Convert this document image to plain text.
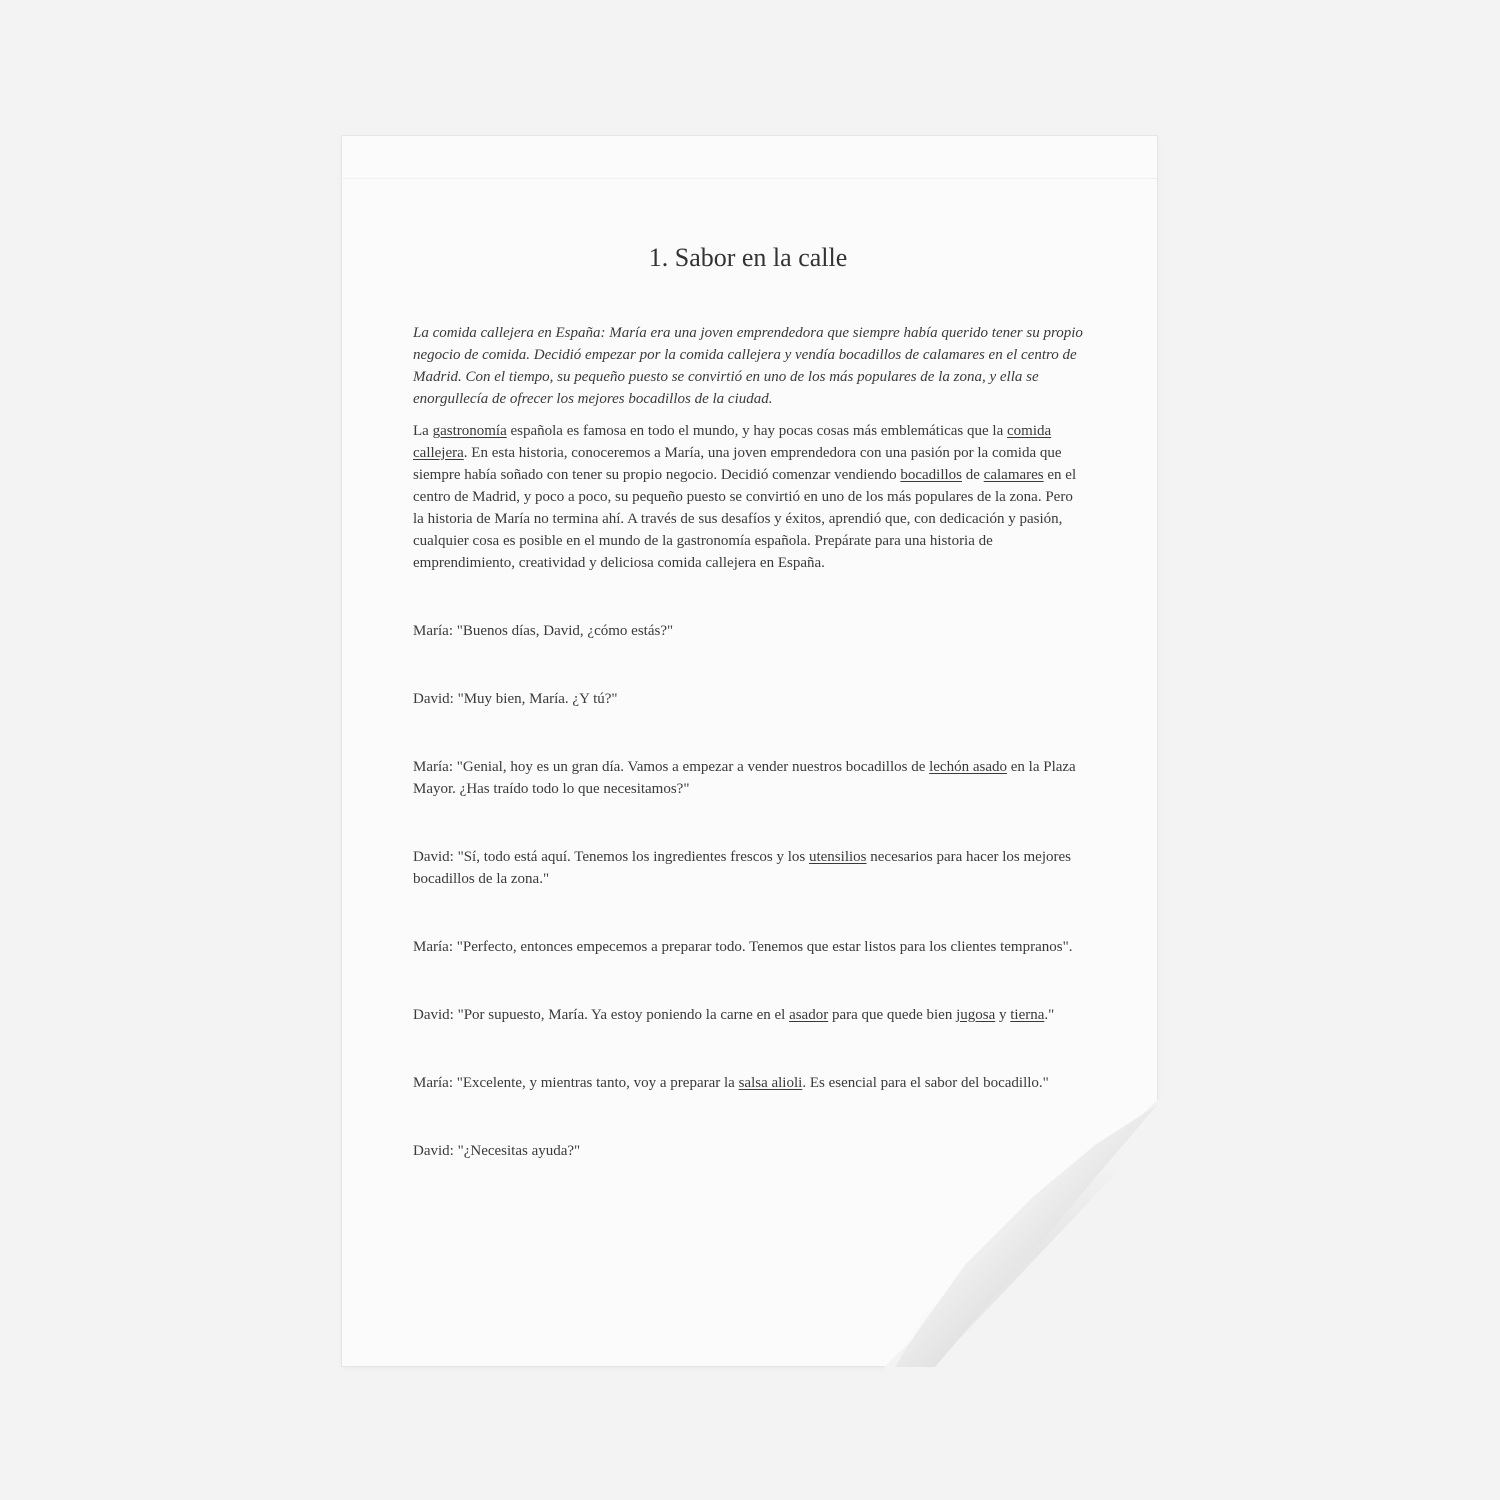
1. Sabor en la calle

La comida callejera en España: María era una joven emprendedora que siempre había querido tener su propio negocio de comida. Decidió empezar por la comida callejera y vendía bocadillos de calamares en el centro de Madrid. Con el tiempo, su pequeño puesto se convirtió en uno de los más populares de la zona, y ella se enorgullecía de ofrecer los mejores bocadillos de la ciudad.

La gastronomía española es famosa en todo el mundo, y hay pocas cosas más emblemáticas que la comida callejera. En esta historia, conoceremos a María, una joven emprendedora con una pasión por la comida que siempre había soñado con tener su propio negocio. Decidió comenzar vendiendo bocadillos de calamares en el centro de Madrid, y poco a poco, su pequeño puesto se convirtió en uno de los más populares de la zona. Pero la historia de María no termina ahí. A través de sus desafíos y éxitos, aprendió que, con dedicación y pasión, cualquier cosa es posible en el mundo de la gastronomía española. Prepárate para una historia de emprendimiento, creatividad y deliciosa comida callejera en España.

María: "Buenos días, David, ¿cómo estás?"

David: "Muy bien, María. ¿Y tú?"

María: "Genial, hoy es un gran día. Vamos a empezar a vender nuestros bocadillos de lechón asado en la Plaza Mayor. ¿Has traído todo lo que necesitamos?"

David: "Sí, todo está aquí. Tenemos los ingredientes frescos y los utensilios necesarios para hacer los mejores bocadillos de la zona."

María: "Perfecto, entonces empecemos a preparar todo. Tenemos que estar listos para los clientes tempranos".

David: "Por supuesto, María. Ya estoy poniendo la carne en el asador para que quede bien jugosa y tierna."

María: "Excelente, y mientras tanto, voy a preparar la salsa alioli. Es esencial para el sabor del bocadillo."

David: "¿Necesitas ayuda?"
